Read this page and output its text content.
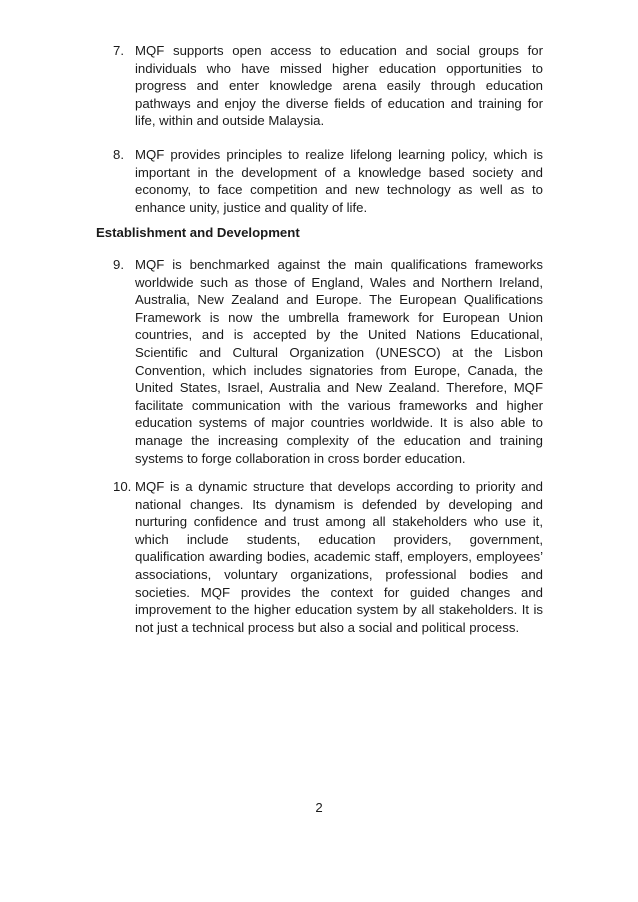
7. MQF supports open access to education and social groups for individuals who have missed higher education opportunities to progress and enter knowledge arena easily through education pathways and enjoy the diverse fields of education and training for life, within and outside Malaysia.
8. MQF provides principles to realize lifelong learning policy, which is important in the development of a knowledge based society and economy, to face competition and new technology as well as to enhance unity, justice and quality of life.
Establishment and Development
9. MQF is benchmarked against the main qualifications frameworks worldwide such as those of England, Wales and Northern Ireland, Australia, New Zealand and Europe. The European Qualifications Framework is now the umbrella framework for European Union countries, and is accepted by the United Nations Educational, Scientific and Cultural Organization (UNESCO) at the Lisbon Convention, which includes signatories from Europe, Canada, the United States, Israel, Australia and New Zealand. Therefore, MQF facilitate communication with the various frameworks and higher education systems of major countries worldwide. It is also able to manage the increasing complexity of the education and training systems to forge collaboration in cross border education.
10. MQF is a dynamic structure that develops according to priority and national changes. Its dynamism is defended by developing and nurturing confidence and trust among all stakeholders who use it, which include students, education providers, government, qualification awarding bodies, academic staff, employers, employees’ associations, voluntary organizations, professional bodies and societies. MQF provides the context for guided changes and improvement to the higher education system by all stakeholders. It is not just a technical process but also a social and political process.
2
